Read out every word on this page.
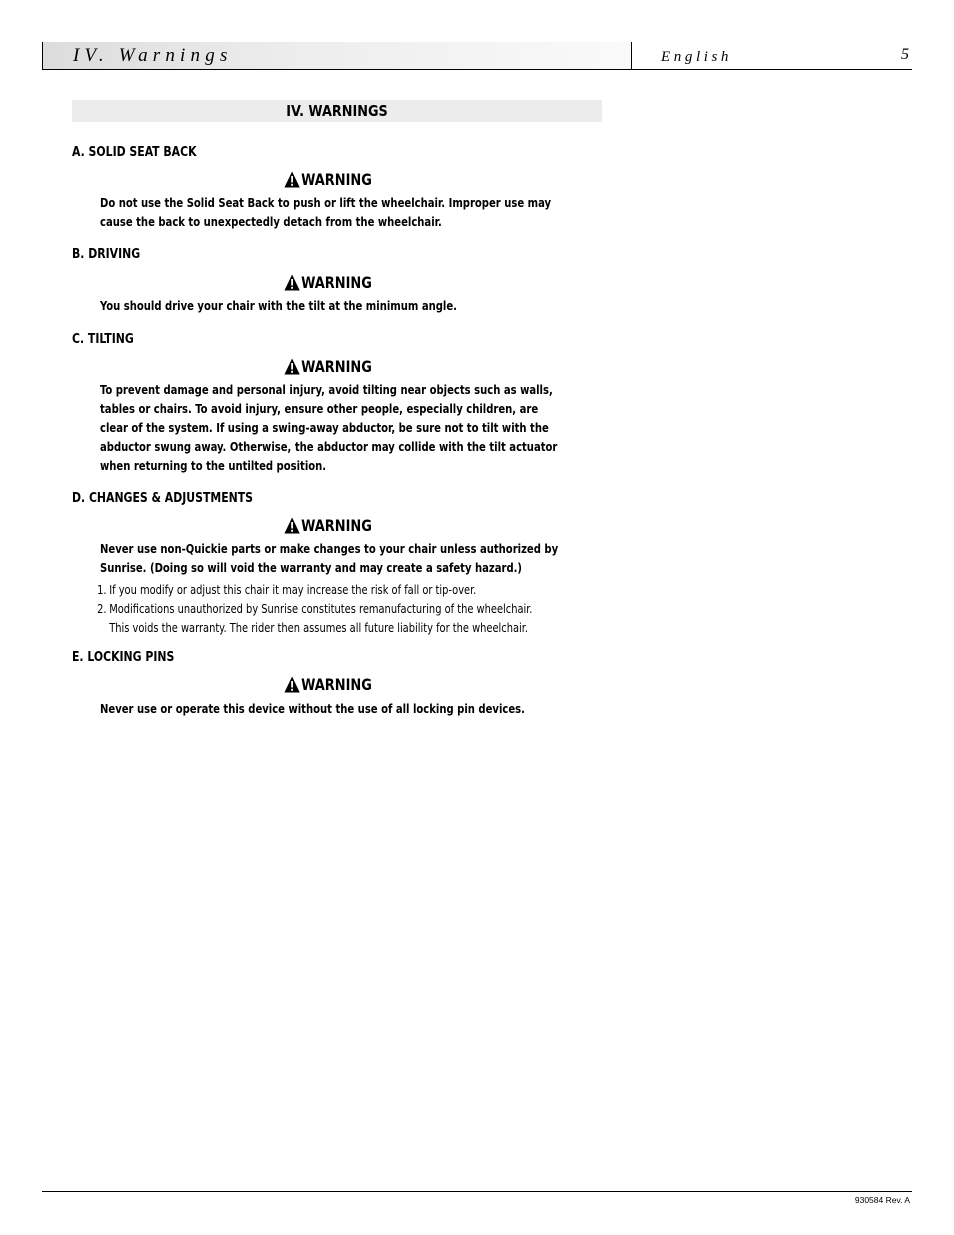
IV. Warnings	English	5
IV. WARNINGS
A. SOLID SEAT BACK
WARNING
Do not use the Solid Seat Back to push or lift the wheelchair. Improper use may
cause the back to unexpectedly detach from the wheelchair.
B. DRIVING
WARNING
You should drive your chair with the tilt at the minimum angle.
C. TILTING
WARNING
To prevent damage and personal injury, avoid tilting near objects such as walls,
tables or chairs. To avoid injury, ensure other people, especially children, are
clear of the system. If using a swing-away abductor, be sure not to tilt with the
abductor swung away. Otherwise, the abductor may collide with the tilt actuator
when returning to the untilted position.
D. CHANGES & ADJUSTMENTS
WARNING
Never use non-Quickie parts or make changes to your chair unless authorized by
Sunrise. (Doing so will void the warranty and may create a safety hazard.)
1. If you modify or adjust this chair it may increase the risk of fall or tip-over.
2. Modifications unauthorized by Sunrise constitutes remanufacturing of the wheelchair.
This voids the warranty. The rider then assumes all future liability for the wheelchair.
E. LOCKING PINS
WARNING
Never use or operate this device without the use of all locking pin devices.
930584 Rev. A
